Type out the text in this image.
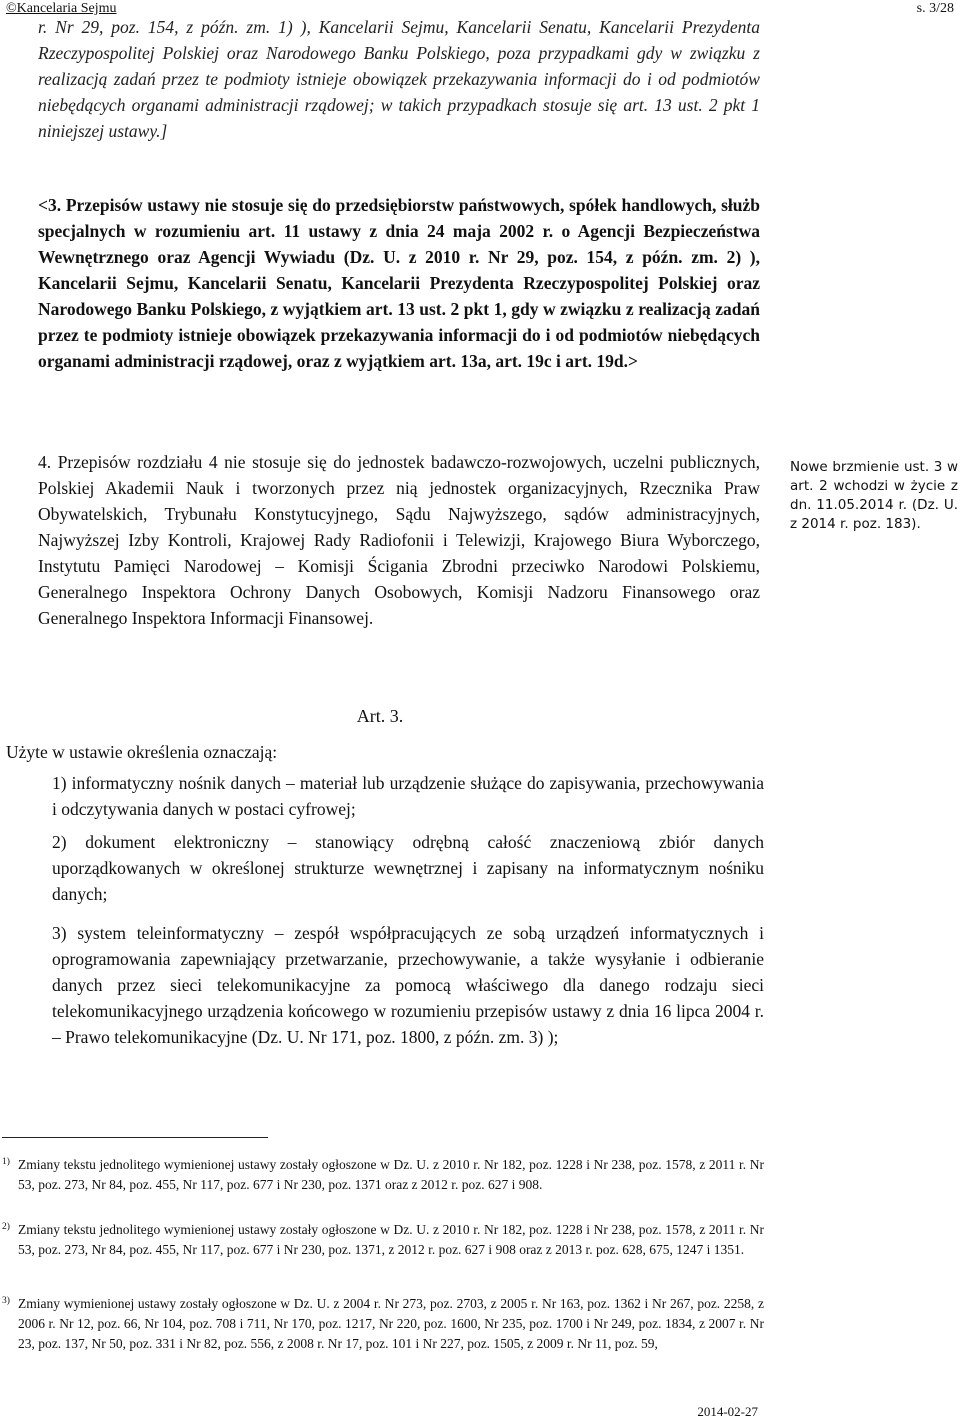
©Kancelaria Sejmu	s. 3/28
r. Nr 29, poz. 154, z późn. zm. 1) ), Kancelarii Sejmu, Kancelarii Senatu, Kancelarii Prezydenta Rzeczypospolitej Polskiej oraz Narodowego Banku Polskiego, poza przypadkami gdy w związku z realizacją zadań przez te podmioty istnieje obowiązek przekazywania informacji do i od podmiotów niebędących organami administracji rządowej; w takich przypadkach stosuje się art. 13 ust. 2 pkt 1 niniejszej ustawy.]
<3. Przepisów ustawy nie stosuje się do przedsiębiorstw państwowych, spółek handlowych, służb specjalnych w rozumieniu art. 11 ustawy z dnia 24 maja 2002 r. o Agencji Bezpieczeństwa Wewnętrznego oraz Agencji Wywiadu (Dz. U. z 2010 r. Nr 29, poz. 154, z późn. zm. 2) ), Kancelarii Sejmu, Kancelarii Senatu, Kancelarii Prezydenta Rzeczypospolitej Polskiej oraz Narodowego Banku Polskiego, z wyjątkiem art. 13 ust. 2 pkt 1, gdy w związku z realizacją zadań przez te podmioty istnieje obowiązek przekazywania informacji do i od podmiotów niebędących organami administracji rządowej, oraz z wyjątkiem art. 13a, art. 19c i art. 19d.>
4. Przepisów rozdziału 4 nie stosuje się do jednostek badawczo-rozwojowych, uczelni publicznych, Polskiej Akademii Nauk i tworzonych przez nią jednostek organizacyjnych, Rzecznika Praw Obywatelskich, Trybunału Konstytucyjnego, Sądu Najwyższego, sądów administracyjnych, Najwyższej Izby Kontroli, Krajowej Rady Radiofonii i Telewizji, Krajowego Biura Wyborczego, Instytutu Pamięci Narodowej – Komisji Ścigania Zbrodni przeciwko Narodowi Polskiemu, Generalnego Inspektora Ochrony Danych Osobowych, Komisji Nadzoru Finansowego oraz Generalnego Inspektora Informacji Finansowej.
Nowe brzmienie ust. 3 w art. 2 wchodzi w życie z dn. 11.05.2014 r. (Dz. U. z 2014 r. poz. 183).
Art. 3.
Użyte w ustawie określenia oznaczają:
1) informatyczny nośnik danych – materiał lub urządzenie służące do zapisywania, przechowywania i odczytywania danych w postaci cyfrowej;
2) dokument elektroniczny – stanowiący odrębną całość znaczeniową zbiór danych uporządkowanych w określonej strukturze wewnętrznej i zapisany na informatycznym nośniku danych;
3) system teleinformatyczny – zespół współpracujących ze sobą urządzeń informatycznych i oprogramowania zapewniający przetwarzanie, przechowywanie, a także wysyłanie i odbieranie danych przez sieci telekomunikacyjne za pomocą właściwego dla danego rodzaju sieci telekomunikacyjnego urządzenia końcowego w rozumieniu przepisów ustawy z dnia 16 lipca 2004 r. – Prawo telekomunikacyjne (Dz. U. Nr 171, poz. 1800, z późn. zm. 3) );
1) Zmiany tekstu jednolitego wymienionej ustawy zostały ogłoszone w Dz. U. z 2010 r. Nr 182, poz. 1228 i Nr 238, poz. 1578, z 2011 r. Nr 53, poz. 273, Nr 84, poz. 455, Nr 117, poz. 677 i Nr 230, poz. 1371 oraz z 2012 r. poz. 627 i 908.
2) Zmiany tekstu jednolitego wymienionej ustawy zostały ogłoszone w Dz. U. z 2010 r. Nr 182, poz. 1228 i Nr 238, poz. 1578, z 2011 r. Nr 53, poz. 273, Nr 84, poz. 455, Nr 117, poz. 677 i Nr 230, poz. 1371, z 2012 r. poz. 627 i 908 oraz z 2013 r. poz. 628, 675, 1247 i 1351.
3) Zmiany wymienionej ustawy zostały ogłoszone w Dz. U. z 2004 r. Nr 273, poz. 2703, z 2005 r. Nr 163, poz. 1362 i Nr 267, poz. 2258, z 2006 r. Nr 12, poz. 66, Nr 104, poz. 708 i 711, Nr 170, poz. 1217, Nr 220, poz. 1600, Nr 235, poz. 1700 i Nr 249, poz. 1834, z 2007 r. Nr 23, poz. 137, Nr 50, poz. 331 i Nr 82, poz. 556, z 2008 r. Nr 17, poz. 101 i Nr 227, poz. 1505, z 2009 r. Nr 11, poz. 59,
2014-02-27
